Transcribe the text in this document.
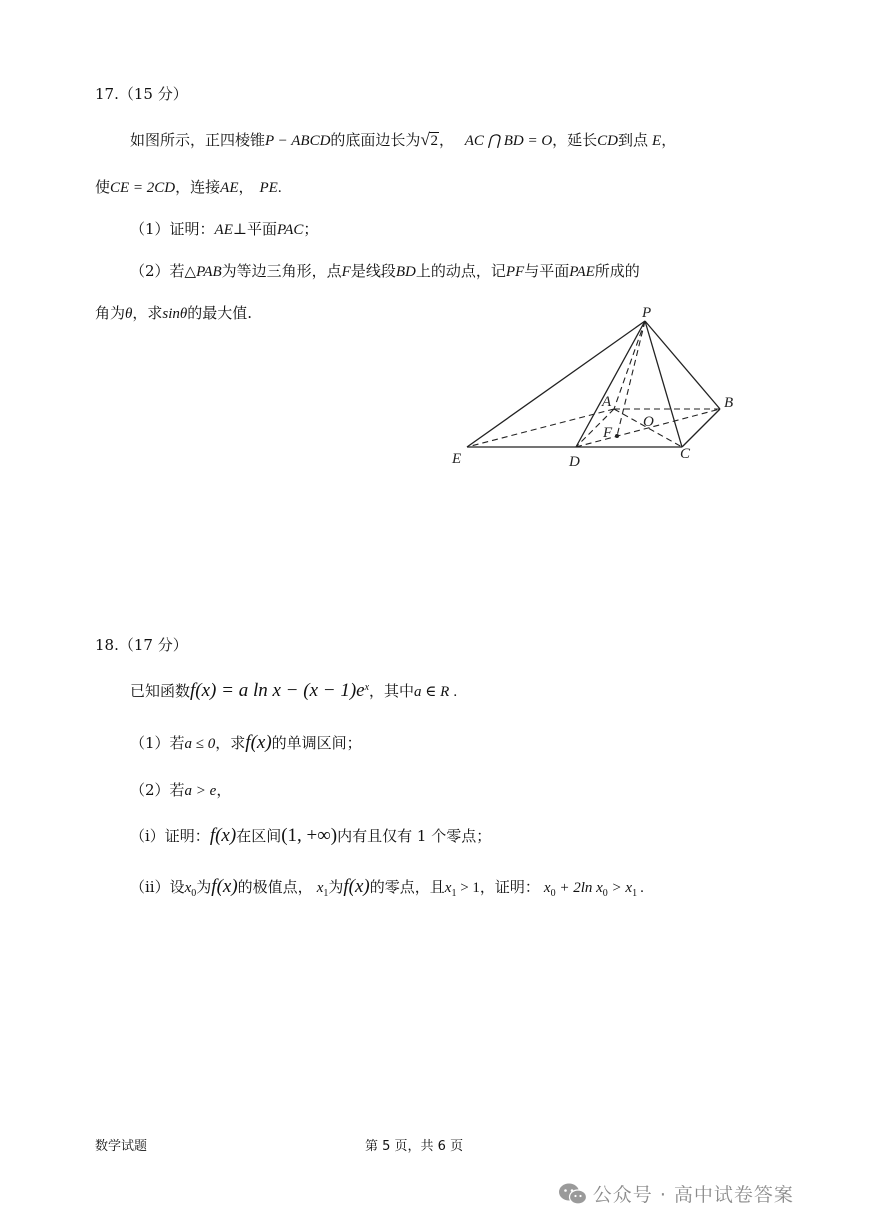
17.（15 分）
如图所示，正四棱锥P − ABCD的底面边长为 √ 2， AC ⋂ BD = O，延长CD到点 E，
使CE = 2CD，连接AE， PE.
（1）证明：AE⊥平面PAC；
（2）若△PAB为等边三角形，点F是线段BD上的动点，记PF与平面PAE所成的
角为θ，求sinθ的最大值.	P
A	B
O
F
E	D	C
18.（17 分）
已知函数f(x) = a $\ln x - (x - 1)e^x$，其中a ∈ R .
（1）若a ≤ 0，求f(x)的单调区间；
（2）若a > e，
（i）证明：f(x)在区间(1, +∞)内有且仅有 1 个零点；
（ii）设$x_0$为f(x)的极值点， $x_1$为f(x)的零点，且$x_1 > 1$，证明： $x_0 + 2\ln$ $x_0 > x_1$ .
数学试题	第 5 页，共 6 页
公众号 · 高中试卷答案
